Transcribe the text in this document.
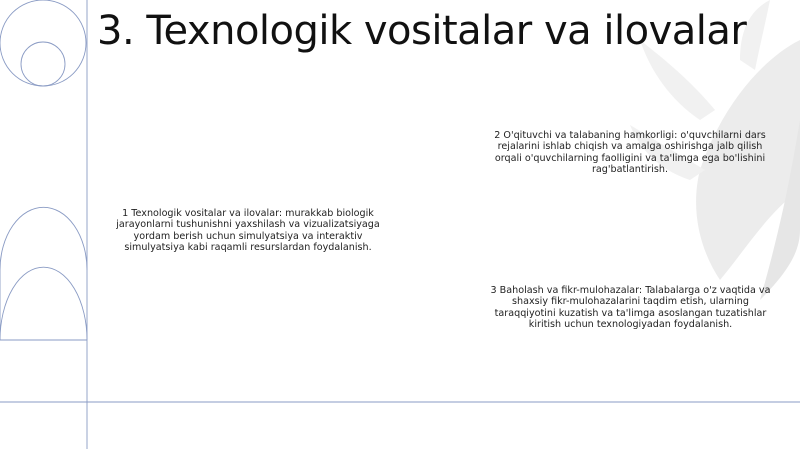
3. Texnologik vositalar va ilovalar

1 Texnologik vositalar va ilovalar: murakkab biologik jarayonlarni tushunishni yaxshilash va vizualizatsiyaga yordam berish uchun simulyatsiya va interaktiv simulyatsiya kabi raqamli resurslardan foydalanish.

2 O'qituvchi va talabaning hamkorligi: o'quvchilarni dars rejalarini ishlab chiqish va amalga oshirishga jalb qilish orqali o'quvchilarning faolligini va ta'limga ega bo'lishini rag'batlantirish.

3 Baholash va fikr-mulohazalar: Talabalarga o'z vaqtida va shaxsiy fikr-mulohazalarini taqdim etish, ularning taraqqiyotini kuzatish va ta'limga asoslangan tuzatishlar kiritish uchun texnologiyadan foydalanish.
